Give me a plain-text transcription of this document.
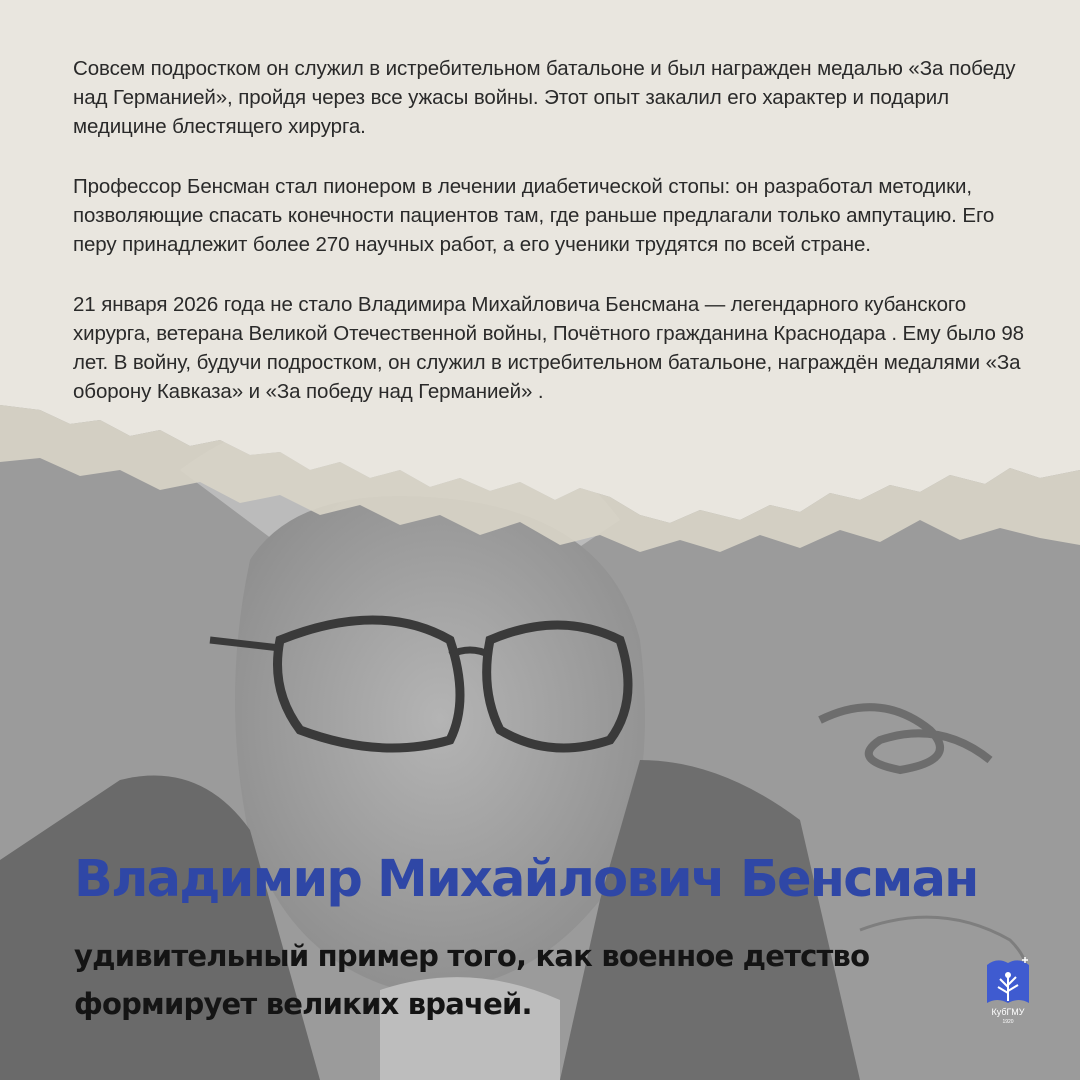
Совсем подростком он служил в истребительном батальоне и был награжден медалью «За победу над Германией», пройдя через все ужасы войны. Этот опыт закалил его характер и подарил медицине блестящего хирурга.

Профессор Бенсман стал пионером в лечении диабетической стопы: он разработал методики, позволяющие спасать конечности пациентов там, где раньше предлагали только ампутацию. Его перу принадлежит более 270 научных работ, а его ученики трудятся по всей стране.

21 января 2026 года не стало Владимира Михайловича Бенсмана — легендарного кубанского хирурга, ветерана Великой Отечественной войны, Почётного гражданина Краснодара . Ему было 98 лет. В войну, будучи подростком, он служил в истребительном батальоне, награждён медалями «За оборону Кавказа» и «За победу над Германией» .

Владимир Михайлович Бенсман

удивительный пример того, как военное детство формирует великих врачей.	КубГМУ
1920
